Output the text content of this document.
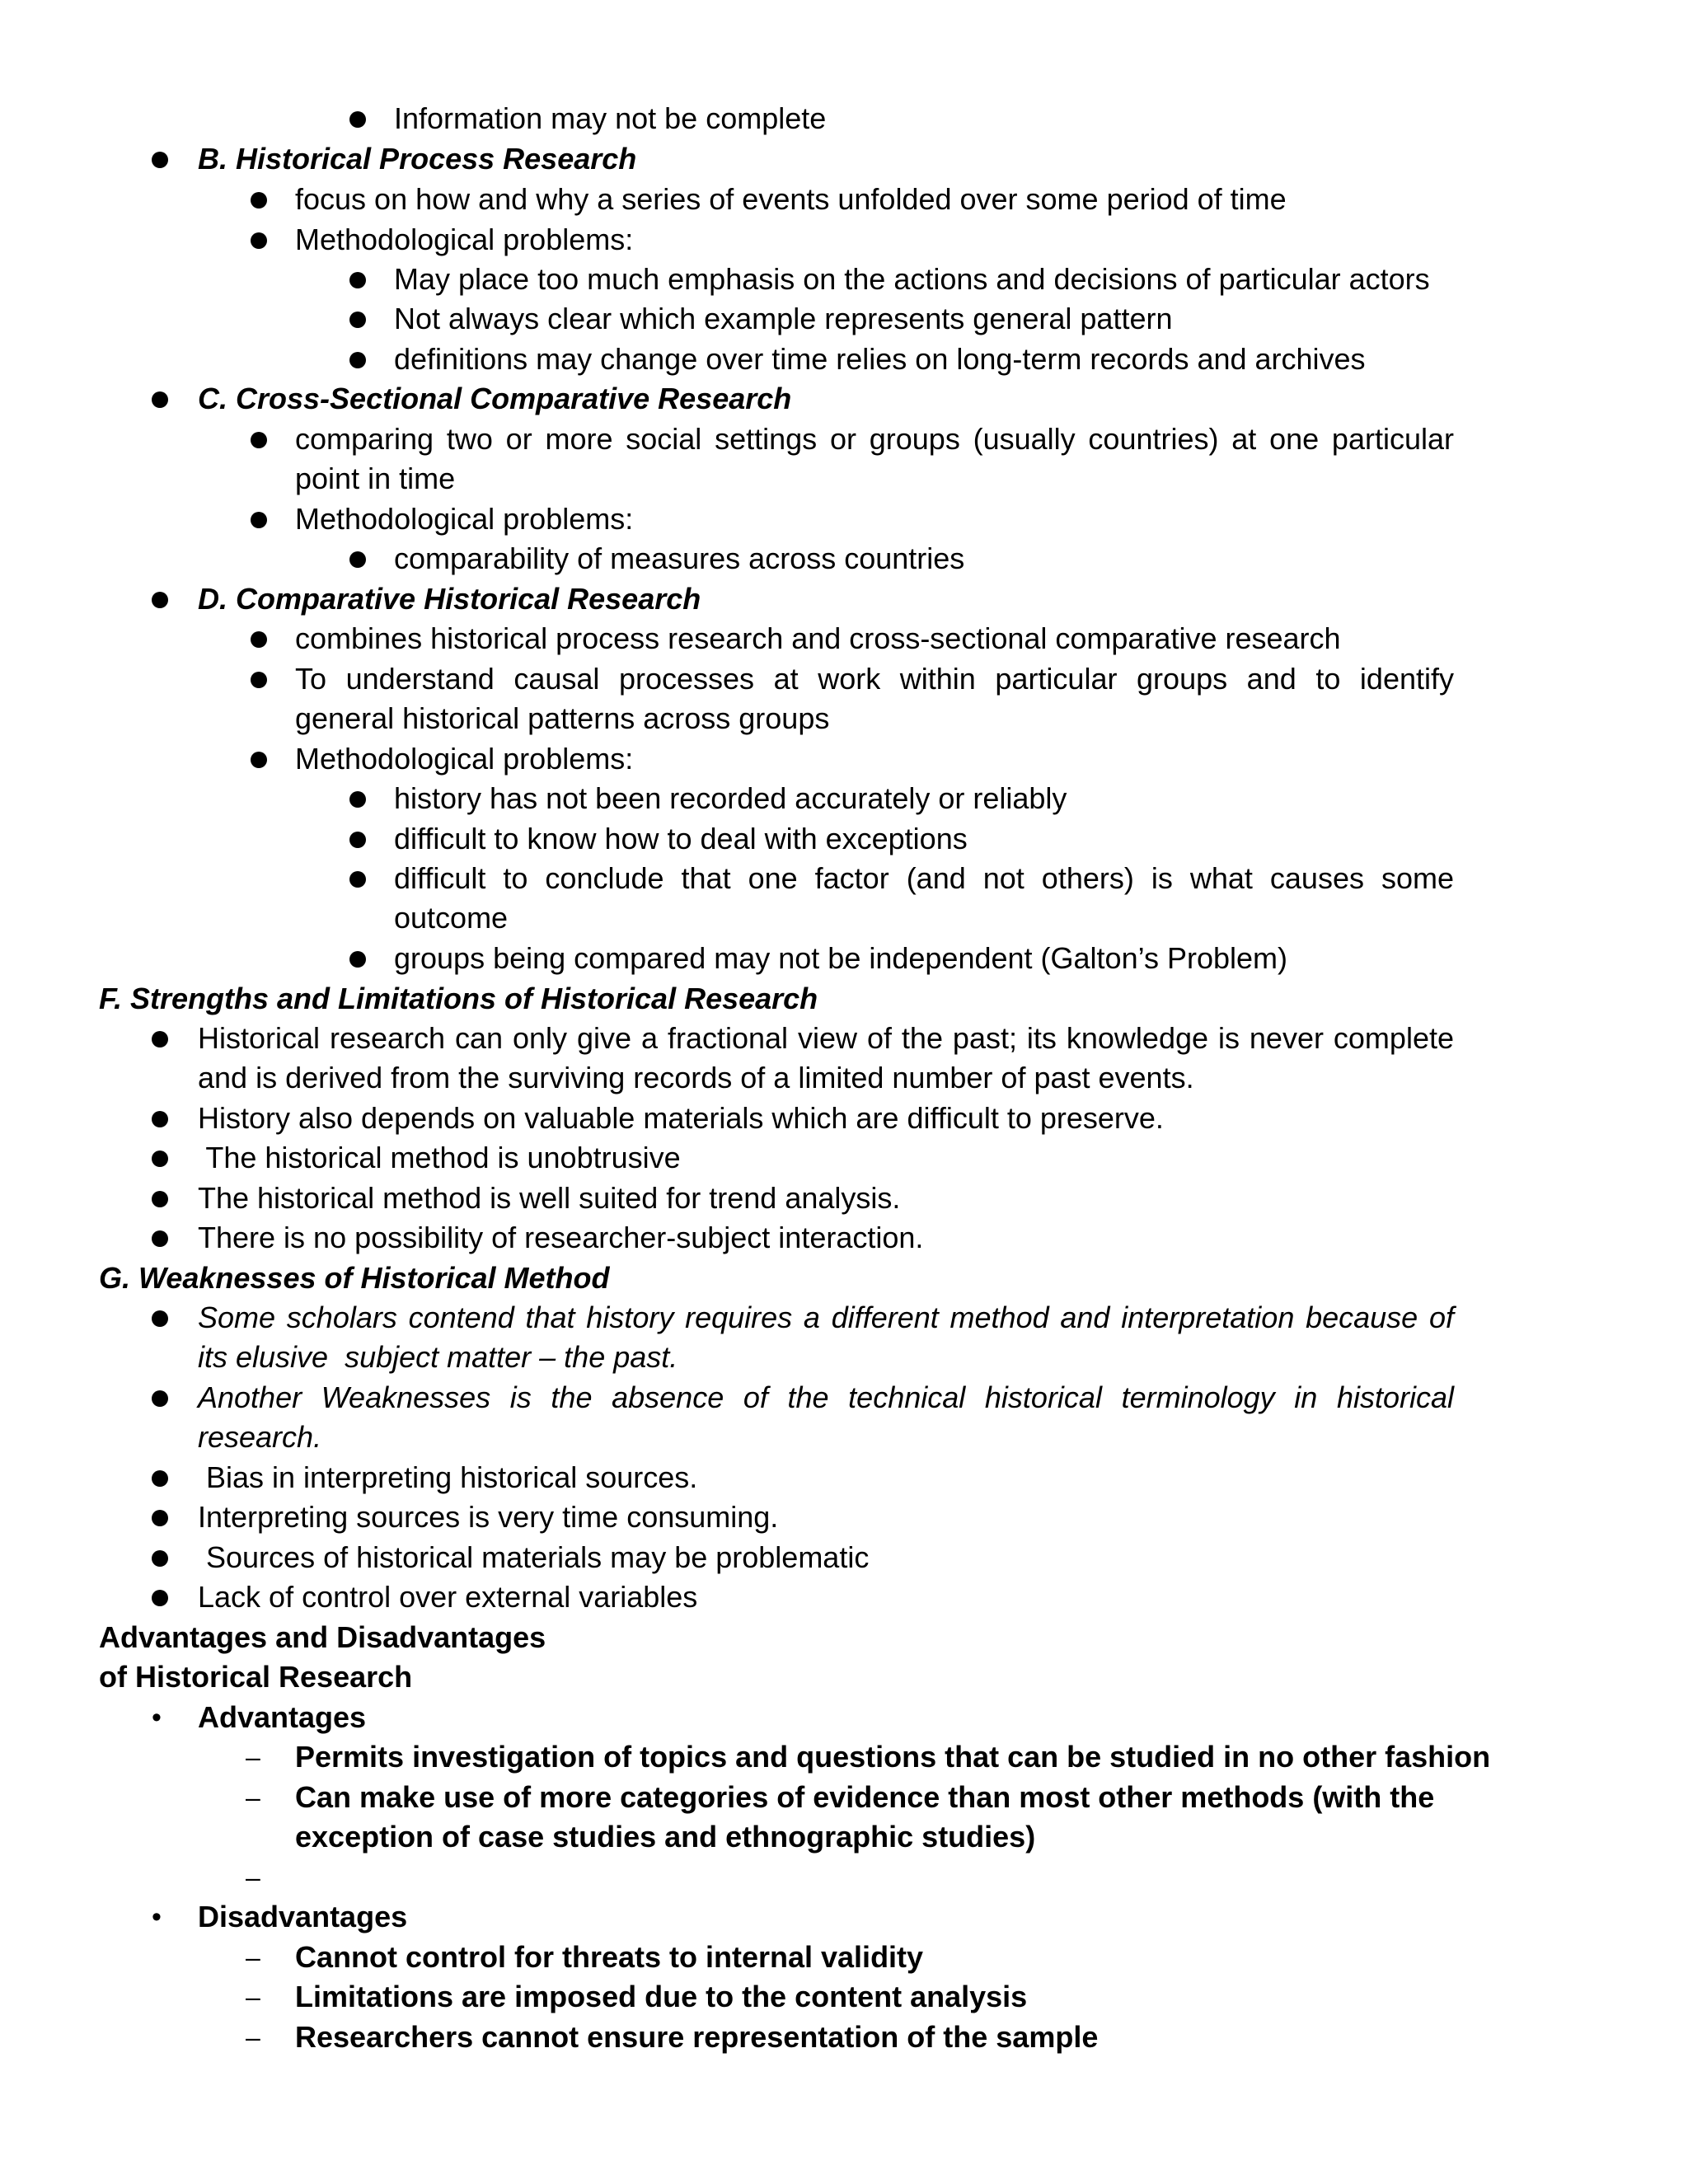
Information may not be complete
B. Historical Process Research
focus on how and why a series of events unfolded over some period of time
Methodological problems:
May place too much emphasis on the actions and decisions of particular actors
Not always clear which example represents general pattern
definitions may change over time relies on long-term records and archives
C. Cross-Sectional Comparative Research
comparing two or more social settings or groups (usually countries) at one particular
point in time
Methodological problems:
comparability of measures across countries
D. Comparative Historical Research
combines historical process research and cross-sectional comparative research
To understand causal processes at work within particular groups and to identify
general historical patterns across groups
Methodological problems:
history has not been recorded accurately or reliably
difficult to know how to deal with exceptions
difficult to conclude that one factor (and not others) is what causes some
outcome
groups being compared may not be independent (Galton’s Problem)
F. Strengths and Limitations of Historical Research
Historical research can only give a fractional view of the past; its knowledge is never complete
and is derived from the surviving records of a limited number of past events.
History also depends on valuable materials which are difficult to preserve.
The historical method is unobtrusive
The historical method is well suited for trend analysis.
There is no possibility of researcher-subject interaction.
G. Weaknesses of Historical Method
Some scholars contend that history requires a different method and interpretation because of
its elusive  subject matter – the past.
Another Weaknesses is the absence of the technical historical terminology in historical
research.
Bias in interpreting historical sources.
Interpreting sources is very time consuming.
Sources of historical materials may be problematic
Lack of control over external variables
Advantages and Disadvantages
of Historical Research
• Advantages
– Permits investigation of topics and questions that can be studied in no other fashion
– Can make use of more categories of evidence than most other methods (with the
exception of case studies and ethnographic studies)
–
• Disadvantages
– Cannot control for threats to internal validity
– Limitations are imposed due to the content analysis
– Researchers cannot ensure representation of the sample
